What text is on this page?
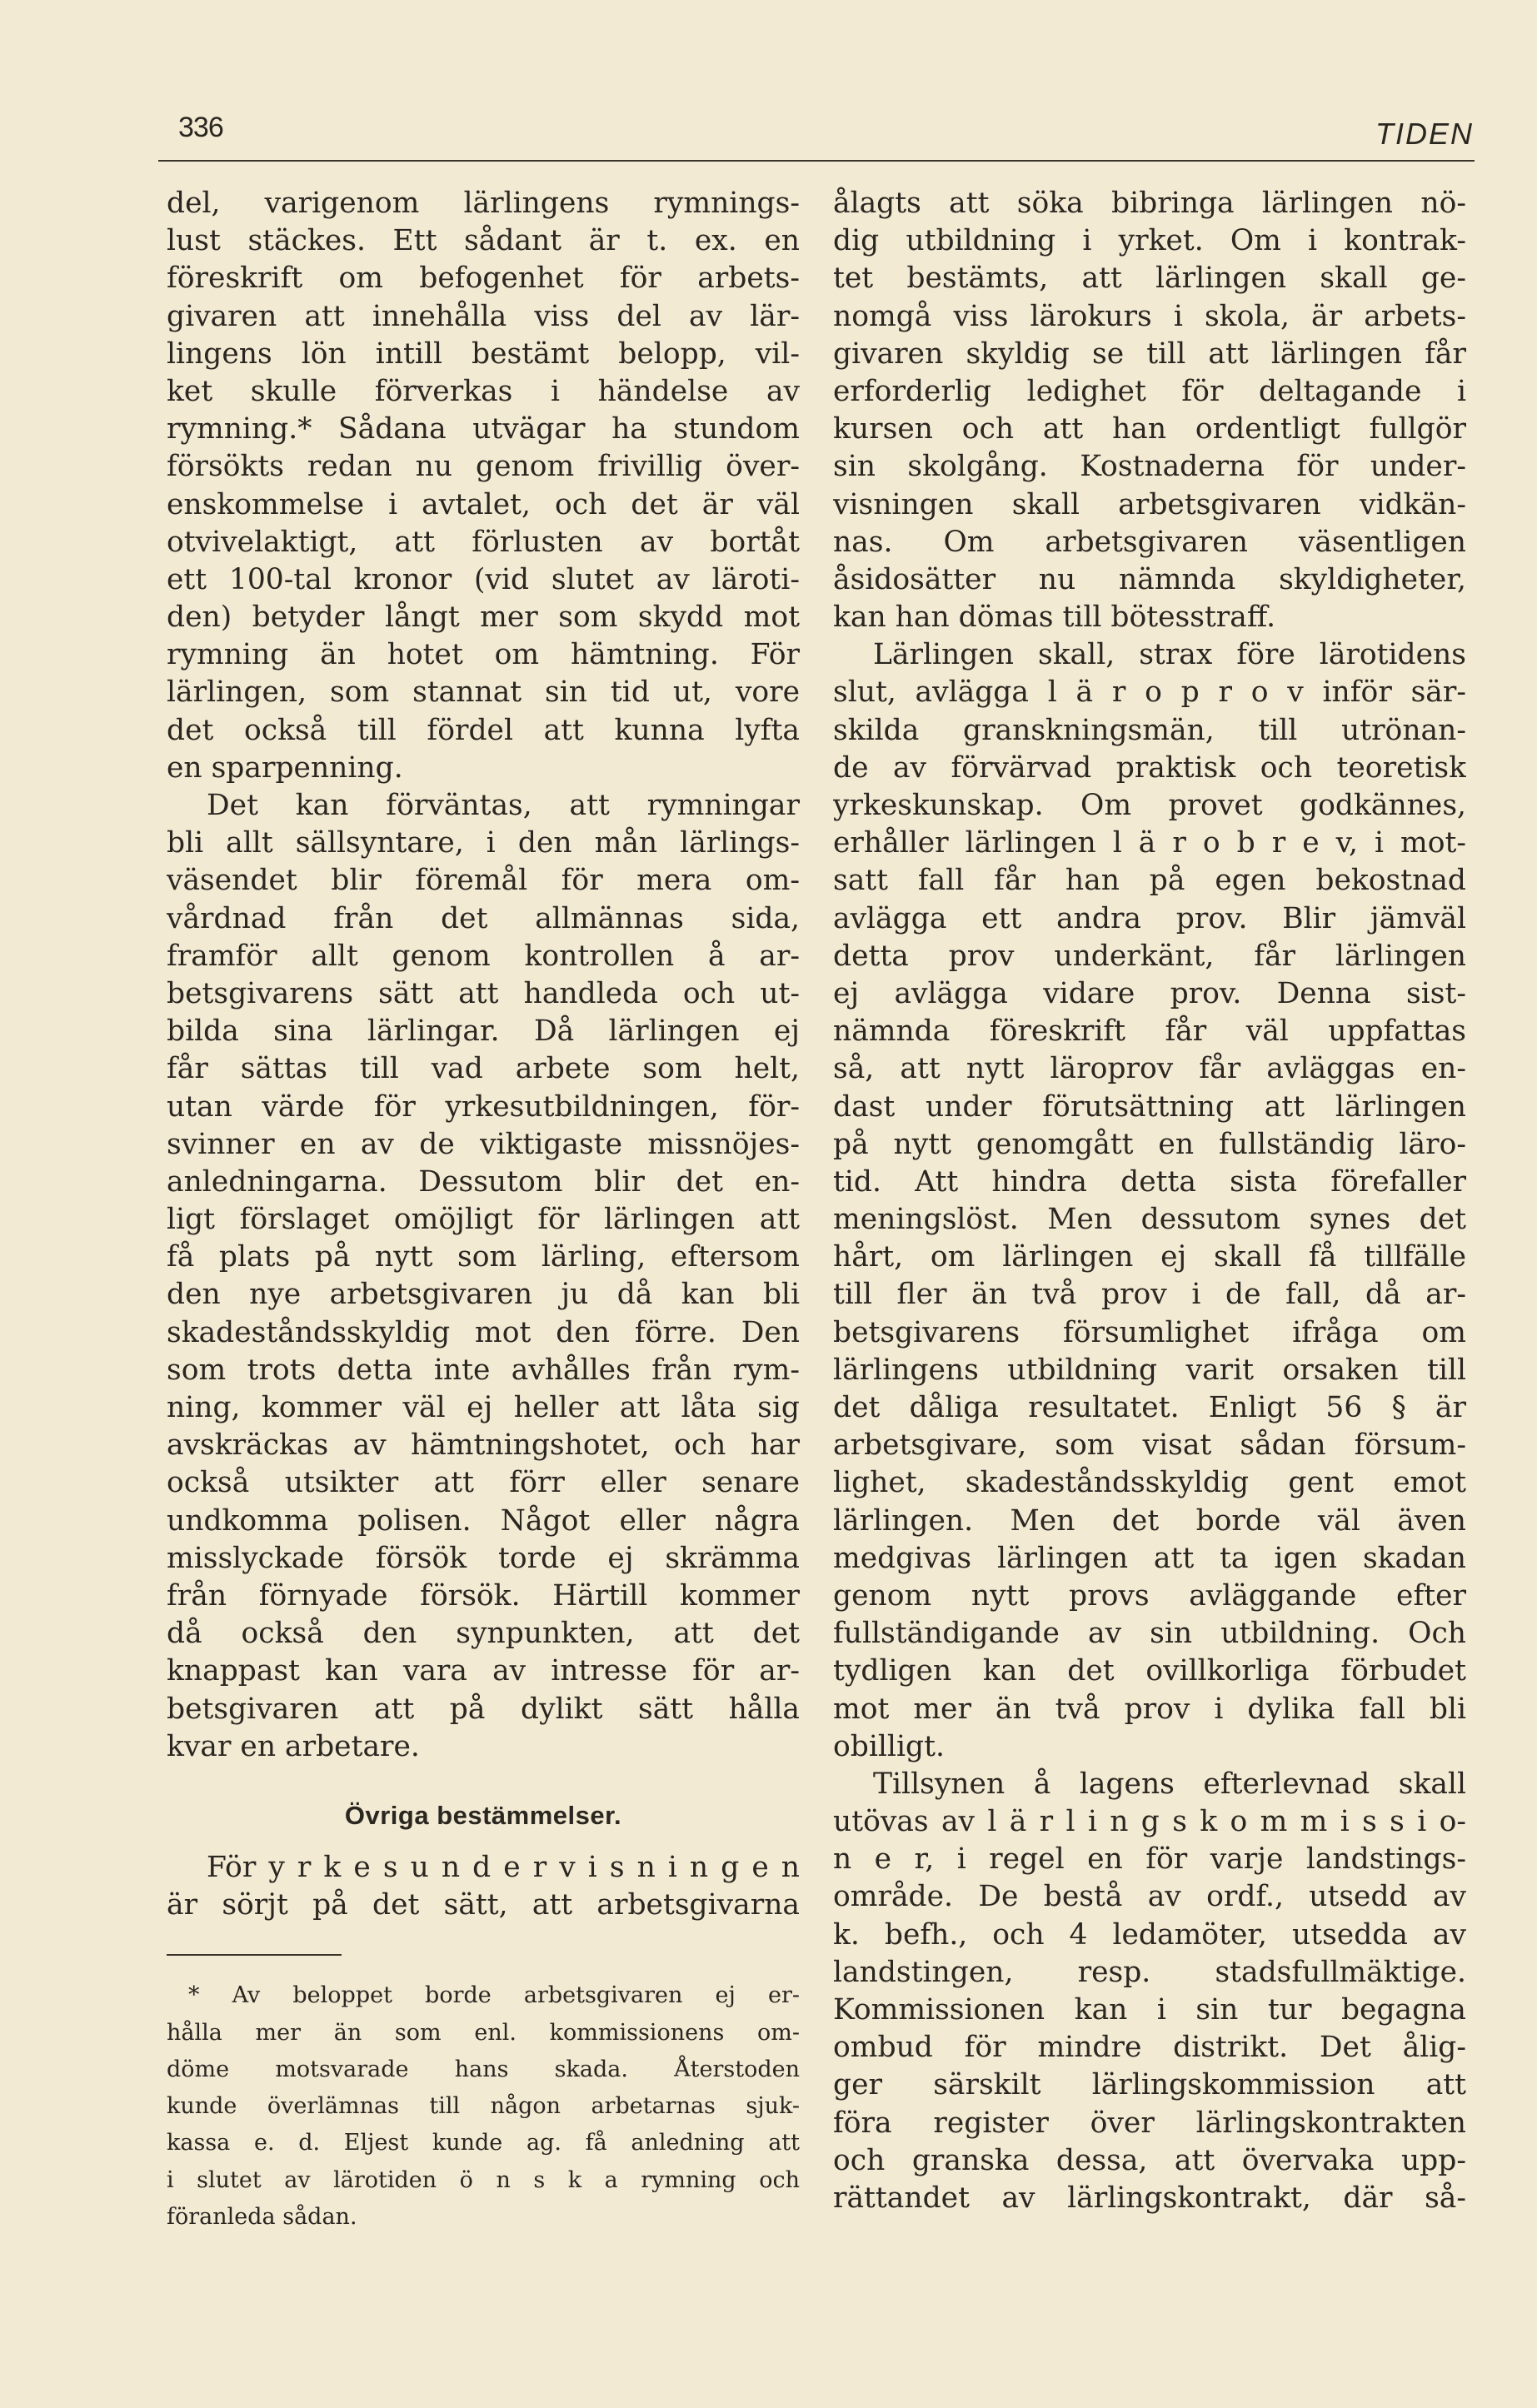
336	TIDEN
del, varigenom lärlingens rymnings-
lust stäckes. Ett sådant är t. ex. en
föreskrift om befogenhet för arbets-
givaren att innehålla viss del av lär-
lingens lön intill bestämt belopp, vil-
ket skulle förverkas i händelse av
rymning.* Sådana utvägar ha stundom
försökts redan nu genom frivillig över-
enskommelse i avtalet, och det är väl
otvivelaktigt, att förlusten av bortåt
ett 100-tal kronor (vid slutet av läroti-
den) betyder långt mer som skydd mot
rymning än hotet om hämtning. För
lärlingen, som stannat sin tid ut, vore
det också till fördel att kunna lyfta
en sparpenning.
Det kan förväntas, att rymningar
bli allt sällsyntare, i den mån lärlings-
väsendet blir föremål för mera om-
vårdnad från det allmännas sida,
framför allt genom kontrollen å ar-
betsgivarens sätt att handleda och ut-
bilda sina lärlingar. Då lärlingen ej
får sättas till vad arbete som helt,
utan värde för yrkesutbildningen, för-
svinner en av de viktigaste missnöjes-
anledningarna. Dessutom blir det en-
ligt förslaget omöjligt för lärlingen att
få plats på nytt som lärling, eftersom
den nye arbetsgivaren ju då kan bli
skadeståndsskyldig mot den förre. Den
som trots detta inte avhålles från rym-
ning, kommer väl ej heller att låta sig
avskräckas av hämtningshotet, och har
också utsikter att förr eller senare
undkomma polisen. Något eller några
misslyckade försök torde ej skrämma
från förnyade försök. Härtill kommer
då också den synpunkten, att det
knappast kan vara av intresse för ar-
betsgivaren att på dylikt sätt hålla
kvar en arbetare.
Övriga bestämmelser.
För y r k e s u n d e r v i s n i n g e n
är sörjt på det sätt, att arbetsgivarna
* Av beloppet borde arbetsgivaren ej er-
hålla mer än som enl. kommissionens om-
döme motsvarade hans skada. Återstoden
kunde överlämnas till någon arbetarnas sjuk-
kassa e. d. Eljest kunde ag. få anledning att
i slutet av lärotiden ö n s k a rymning och
föranleda sådan.
ålagts att söka bibringa lärlingen nö-
dig utbildning i yrket. Om i kontrak-
tet bestämts, att lärlingen skall ge-
nomgå viss lärokurs i skola, är arbets-
givaren skyldig se till att lärlingen får
erforderlig ledighet för deltagande i
kursen och att han ordentligt fullgör
sin skolgång. Kostnaderna för under-
visningen skall arbetsgivaren vidkän-
nas. Om arbetsgivaren väsentligen
åsidosätter nu nämnda skyldigheter,
kan han dömas till bötesstraff.
Lärlingen skall, strax före lärotidens
slut, avlägga l ä r o p r o v inför sär-
skilda granskningsmän, till utrönan-
de av förvärvad praktisk och teoretisk
yrkeskunskap. Om provet godkännes,
erhåller lärlingen l ä r o b r e v, i mot-
satt fall får han på egen bekostnad
avlägga ett andra prov. Blir jämväl
detta prov underkänt, får lärlingen
ej avlägga vidare prov. Denna sist-
nämnda föreskrift får väl uppfattas
så, att nytt läroprov får avläggas en-
dast under förutsättning att lärlingen
på nytt genomgått en fullständig läro-
tid. Att hindra detta sista förefaller
meningslöst. Men dessutom synes det
hårt, om lärlingen ej skall få tillfälle
till fler än två prov i de fall, då ar-
betsgivarens försumlighet ifråga om
lärlingens utbildning varit orsaken till
det dåliga resultatet. Enligt 56 § är
arbetsgivare, som visat sådan försum-
lighet, skadeståndsskyldig gent emot
lärlingen. Men det borde väl även
medgivas lärlingen att ta igen skadan
genom nytt provs avläggande efter
fullständigande av sin utbildning. Och
tydligen kan det ovillkorliga förbudet
mot mer än två prov i dylika fall bli
obilligt.
Tillsynen å lagens efterlevnad skall
utövas av l ä r l i n g s k o m m i s s i o-
n e r, i regel en för varje landstings-
område. De bestå av ordf., utsedd av
k. befh., och 4 ledamöter, utsedda av
landstingen, resp. stadsfullmäktige.
Kommissionen kan i sin tur begagna
ombud för mindre distrikt. Det ålig-
ger särskilt lärlingskommission att
föra register över lärlingskontrakten
och granska dessa, att övervaka upp-
rättandet av lärlingskontrakt, där så-
